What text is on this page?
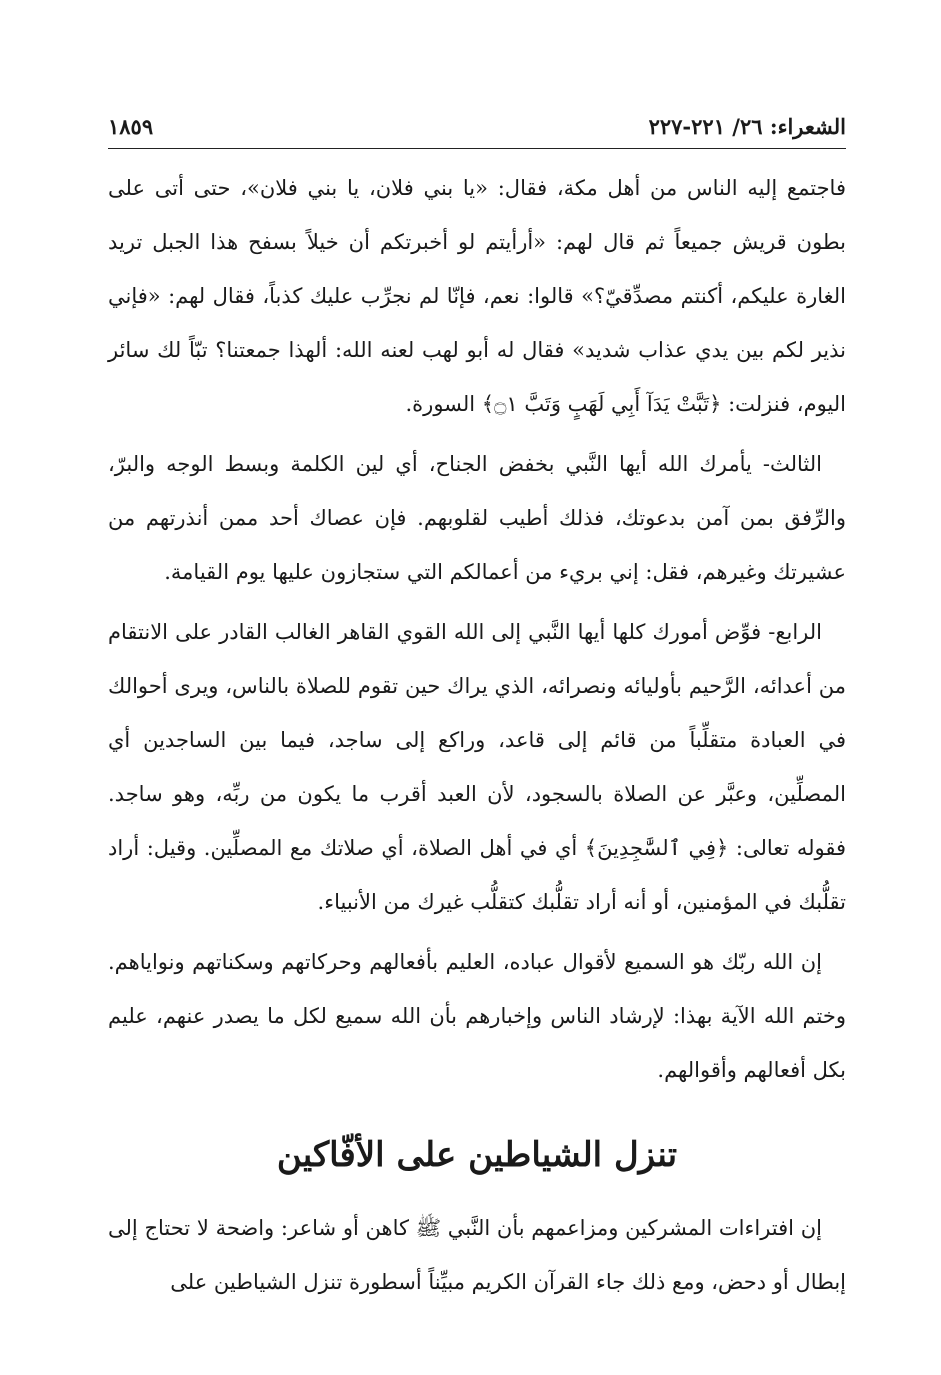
الشعراء: ٢٦/ ٢٢١-٢٢٧
١٨٥٩

فاجتمع إليه الناس من أهل مكة، فقال: «يا بني فلان، يا بني فلان»، حتى أتى على بطون قريش جميعاً ثم قال لهم: «أرأيتم لو أخبرتكم أن خيلاً بسفح هذا الجبل تريد الغارة عليكم، أكنتم مصدِّقيّ؟» قالوا: نعم، فإنّا لم نجرِّب عليك كذباً، فقال لهم: «فإني نذير لكم بين يدي عذاب شديد» فقال له أبو لهب لعنه الله: ألهذا جمعتنا؟ تبّاً لك سائر اليوم، فنزلت: ﴿تَبَّتْ يَدَآ أَبِي لَهَبٍ وَتَبَّ ۝١﴾ السورة.

الثالث- يأمرك الله أيها النَّبي بخفض الجناح، أي لين الكلمة وبسط الوجه والبرّ، والرِّفق بمن آمن بدعوتك، فذلك أطيب لقلوبهم. فإن عصاك أحد ممن أنذرتهم من عشيرتك وغيرهم، فقل: إني بريء من أعمالكم التي ستجازون عليها يوم القيامة.

الرابع- فوِّض أمورك كلها أيها النَّبي إلى الله القوي القاهر الغالب القادر على الانتقام من أعدائه، الرَّحيم بأوليائه ونصرائه، الذي يراك حين تقوم للصلاة بالناس، ويرى أحوالك في العبادة متقلِّباً من قائم إلى قاعد، وراكع إلى ساجد، فيما بين الساجدين أي المصلِّين، وعبَّر عن الصلاة بالسجود، لأن العبد أقرب ما يكون من ربِّه، وهو ساجد. فقوله تعالى: ﴿فِي ٱلسَّٰجِدِينَ﴾ أي في أهل الصلاة، أي صلاتك مع المصلِّين. وقيل: أراد تقلُّبك في المؤمنين، أو أنه أراد تقلُّبك كتقلُّب غيرك من الأنبياء.

إن الله ربّك هو السميع لأقوال عباده، العليم بأفعالهم وحركاتهم وسكناتهم ونواياهم. وختم الله الآية بهذا: لإرشاد الناس وإخبارهم بأن الله سميع لكل ما يصدر عنهم، عليم بكل أفعالهم وأقوالهم.

تنزل الشياطين على الأفّاكين

إن افتراءات المشركين ومزاعمهم بأن النَّبي ﷺ كاهن أو شاعر: واضحة لا تحتاج إلى إبطال أو دحض، ومع ذلك جاء القرآن الكريم مبيِّناً أسطورة تنزل الشياطين على
